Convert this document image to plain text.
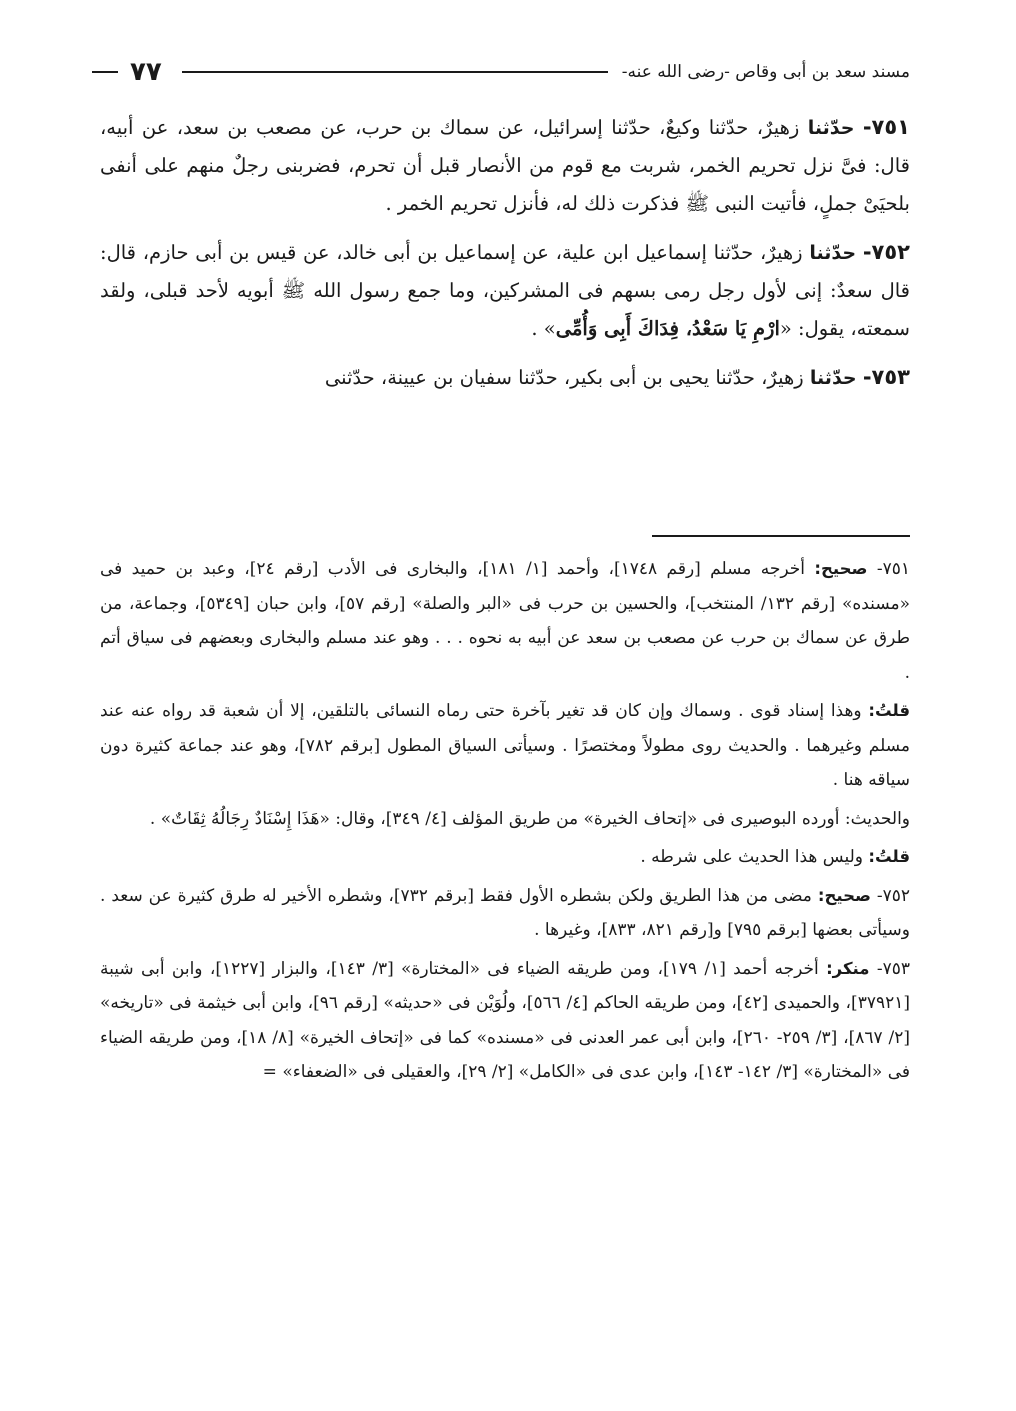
مسند سعد بن أبى وقاص -رضى الله عنه-
٧٧

٧٥١- حدّثنا زهيرٌ، حدّثنا وكيعٌ، حدّثنا إسرائيل، عن سماك بن حرب، عن مصعب بن سعد، عن أبيه، قال: فىَّ نزل تحريم الخمر، شربت مع قوم من الأنصار قبل أن تحرم، فضربنى رجلٌ منهم على أنفى بلحيَىْ جملٍ، فأتيت النبى ﷺ فذكرت ذلك له، فأنزل تحريم الخمر .

٧٥٢- حدّثنا زهيرٌ، حدّثنا إسماعيل ابن علية، عن إسماعيل بن أبى خالد، عن قيس بن أبى حازم، قال: قال سعدٌ: إنى لأول رجل رمى بسهم فى المشركين، وما جمع رسول الله ﷺ أبويه لأحد قبلى، ولقد سمعته، يقول: «ارْمِ يَا سَعْدُ، فِدَاكَ أَبِى وَأُمِّى» .

٧٥٣- حدّثنا زهيرٌ، حدّثنا يحيى بن أبى بكير، حدّثنا سفيان بن عيينة، حدّثنى

٧٥١- صحيح: أخرجه مسلم [رقم ١٧٤٨]، وأحمد [١/ ١٨١]، والبخارى فى الأدب [رقم ٢٤]، وعبد بن حميد فى «مسنده» [رقم ١٣٢/ المنتخب]، والحسين بن حرب فى «البر والصلة» [رقم ٥٧]، وابن حبان [٥٣٤٩]، وجماعة، من طرق عن سماك بن حرب عن مصعب بن سعد عن أبيه به نحوه . . . وهو عند مسلم والبخارى وبعضهم فى سياق أتم .

قلتُ: وهذا إسناد قوى . وسماك وإن كان قد تغير بآخرة حتى رماه النسائى بالتلقين، إلا أن شعبة قد رواه عنه عند مسلم وغيرهما . والحديث روى مطولاً ومختصرًا . وسيأتى السياق المطول [برقم ٧٨٢]، وهو عند جماعة كثيرة دون سياقه هنا .

والحديث: أورده البوصيرى فى «إتحاف الخيرة» من طريق المؤلف [٤/ ٣٤٩]، وقال: «هَذَا إِسْنَادٌ رِجَالُهُ ثِقَاتٌ» .

قلتُ: وليس هذا الحديث على شرطه .

٧٥٢- صحيح: مضى من هذا الطريق ولكن بشطره الأول فقط [برقم ٧٣٢]، وشطره الأخير له طرق كثيرة عن سعد . وسيأتى بعضها [برقم ٧٩٥] و[رقم ٨٢١، ٨٣٣]، وغيرها .

٧٥٣- منكر: أخرجه أحمد [١/ ١٧٩]، ومن طريقه الضياء فى «المختارة» [٣/ ١٤٣]، والبزار [١٢٢٧]، وابن أبى شيبة [٣٧٩٢١]، والحميدى [٤٢]، ومن طريقه الحاكم [٤/ ٥٦٦]، ولُوَيْن فى «حديثه» [رقم ٩٦]، وابن أبى خيثمة فى «تاريخه» [٢/ ٨٦٧]، [٣/ ٢٥٩- ٢٦٠]، وابن أبى عمر العدنى فى «مسنده» كما فى «إتحاف الخيرة» [٨/ ١٨]، ومن طريقه الضياء فى «المختارة» [٣/ ١٤٢- ١٤٣]، وابن عدى فى «الكامل» [٢/ ٢٩]، والعقيلى فى «الضعفاء» =
